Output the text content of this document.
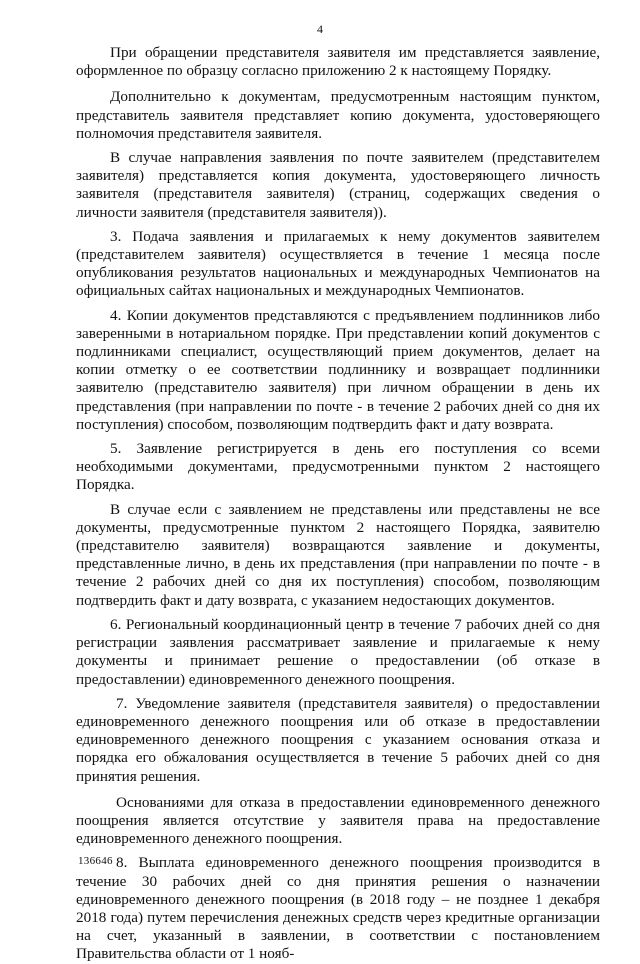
4

При обращении представителя заявителя им представляется заявление, оформленное по образцу согласно приложению 2 к настоящему Порядку.

Дополнительно к документам, предусмотренным настоящим пунктом, представитель заявителя представляет копию документа, удостоверяющего полномочия представителя заявителя.

В случае направления заявления по почте заявителем (представителем заявителя) представляется копия документа, удостоверяющего личность заявителя (представителя заявителя) (страниц, содержащих сведения о личности заявителя (представителя заявителя)).

3. Подача заявления и прилагаемых к нему документов заявителем (представителем заявителя) осуществляется в течение 1 месяца после опубликования результатов национальных и международных Чемпионатов на официальных сайтах национальных и международных Чемпионатов.

4. Копии документов представляются с предъявлением подлинников либо заверенными в нотариальном порядке. При представлении копий документов с подлинниками специалист, осуществляющий прием документов, делает на копии отметку о ее соответствии подлиннику и возвращает подлинники заявителю (представителю заявителя) при личном обращении в день их представления (при направлении по почте - в течение 2 рабочих дней со дня их поступления) способом, позволяющим подтвердить факт и дату возврата.

5. Заявление регистрируется в день его поступления со всеми необходимыми документами, предусмотренными пунктом 2 настоящего Порядка.

В случае если с заявлением не представлены или представлены не все документы, предусмотренные пунктом 2 настоящего Порядка, заявителю (представителю заявителя) возвращаются заявление и документы, представленные лично, в день их представления (при направлении по почте - в течение 2 рабочих дней со дня их поступления) способом, позволяющим подтвердить факт и дату возврата, с указанием недостающих документов.

6. Региональный координационный центр в течение 7 рабочих дней со дня регистрации заявления рассматривает заявление и прилагаемые к нему документы и принимает решение о предоставлении (об отказе в предоставлении) единовременного денежного поощрения.

7. Уведомление заявителя (представителя заявителя) о предоставлении единовременного денежного поощрения или об отказе в предоставлении единовременного денежного поощрения с указанием основания отказа и порядка его обжалования осуществляется в течение 5 рабочих дней со дня принятия решения.

Основаниями для отказа в предоставлении единовременного денежного поощрения является отсутствие у заявителя права на предоставление единовременного денежного поощрения.

8. Выплата единовременного денежного поощрения производится в течение 30 рабочих дней со дня принятия решения о назначении единовременного денежного поощрения (в 2018 году – не позднее 1 декабря 2018 года) путем перечисления денежных средств через кредитные организации на счет, указанный в заявлении, в соответствии с постановлением Правительства области от 1 нояб-

136646
